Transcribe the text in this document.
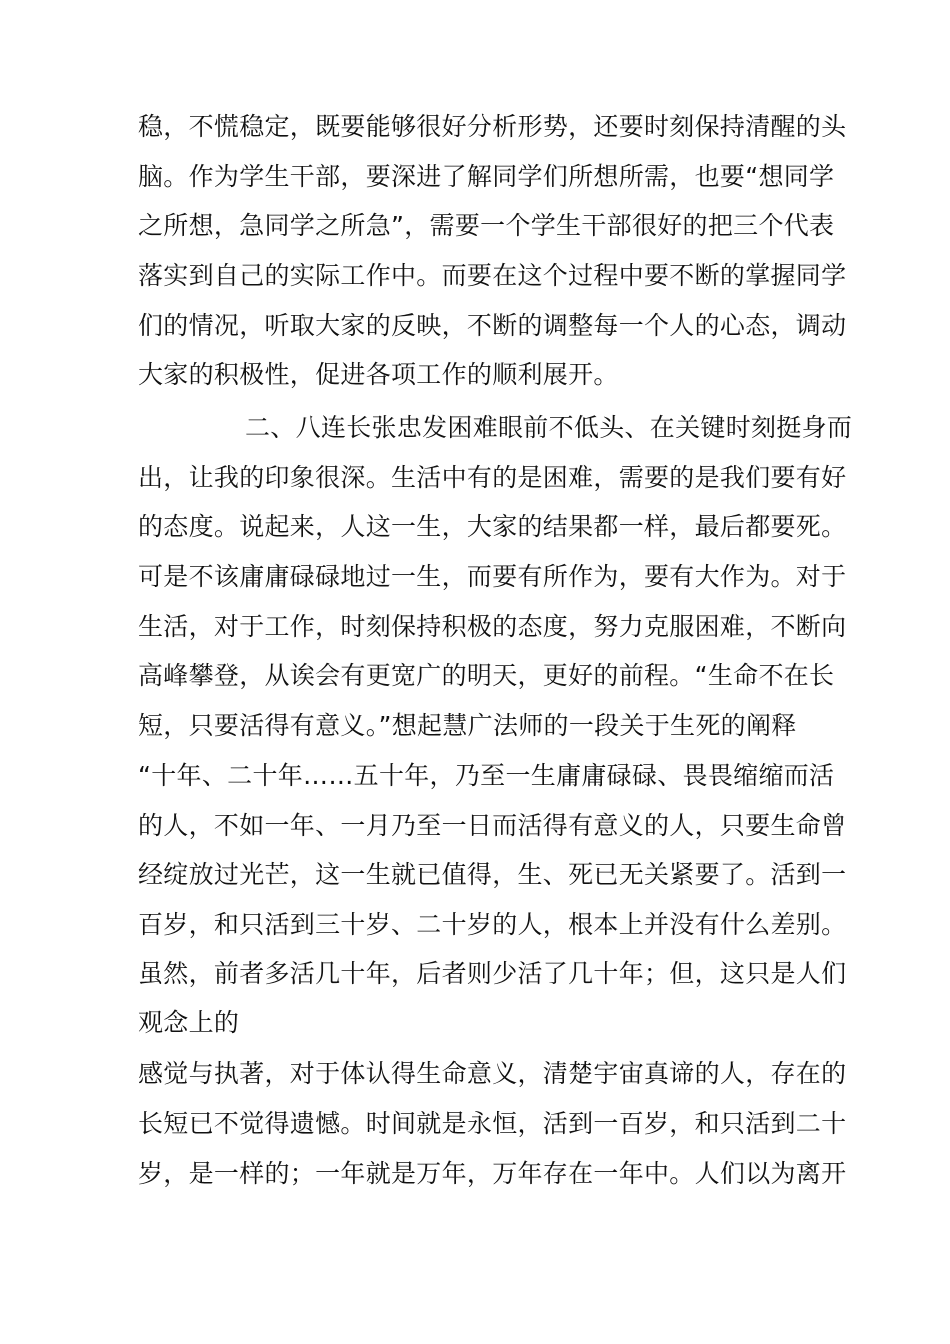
稳，不慌稳定，既要能够很好分析形势，还要时刻保持清醒的头
脑。作为学生干部，要深进了解同学们所想所需，也要“想同学
之所想，急同学之所急”，需要一个学生干部很好的把三个代表
落实到自己的实际工作中。而要在这个过程中要不断的掌握同学
们的情况，听取大家的反映，不断的调整每一个人的心态，调动
大家的积极性，促进各项工作的顺利展开。
二、八连长张忠发困难眼前不低头、在关键时刻挺身而
出，让我的印象很深。生活中有的是困难，需要的是我们要有好
的态度。说起来，人这一生，大家的结果都一样，最后都要死。
可是不该庸庸碌碌地过一生，而要有所作为，要有大作为。对于
生活，对于工作，时刻保持积极的态度，努力克服困难，不断向
高峰攀登，从诶会有更宽广的明天，更好的前程。“生命不在长
短，只要活得有意义。”想起慧广法师的一段关于生死的阐释
“十年、二十年……五十年，乃至一生庸庸碌碌、畏畏缩缩而活
的人，不如一年、一月乃至一日而活得有意义的人，只要生命曾
经绽放过光芒，这一生就已值得，生、死已无关紧要了。活到一
百岁，和只活到三十岁、二十岁的人，根本上并没有什么差别。
虽然，前者多活几十年，后者则少活了几十年；但，这只是人们
观念上的
感觉与执著，对于体认得生命意义，清楚宇宙真谛的人，存在的
长短已不觉得遗憾。时间就是永恒，活到一百岁，和只活到二十
岁，是一样的；一年就是万年，万年存在一年中。人们以为离开
